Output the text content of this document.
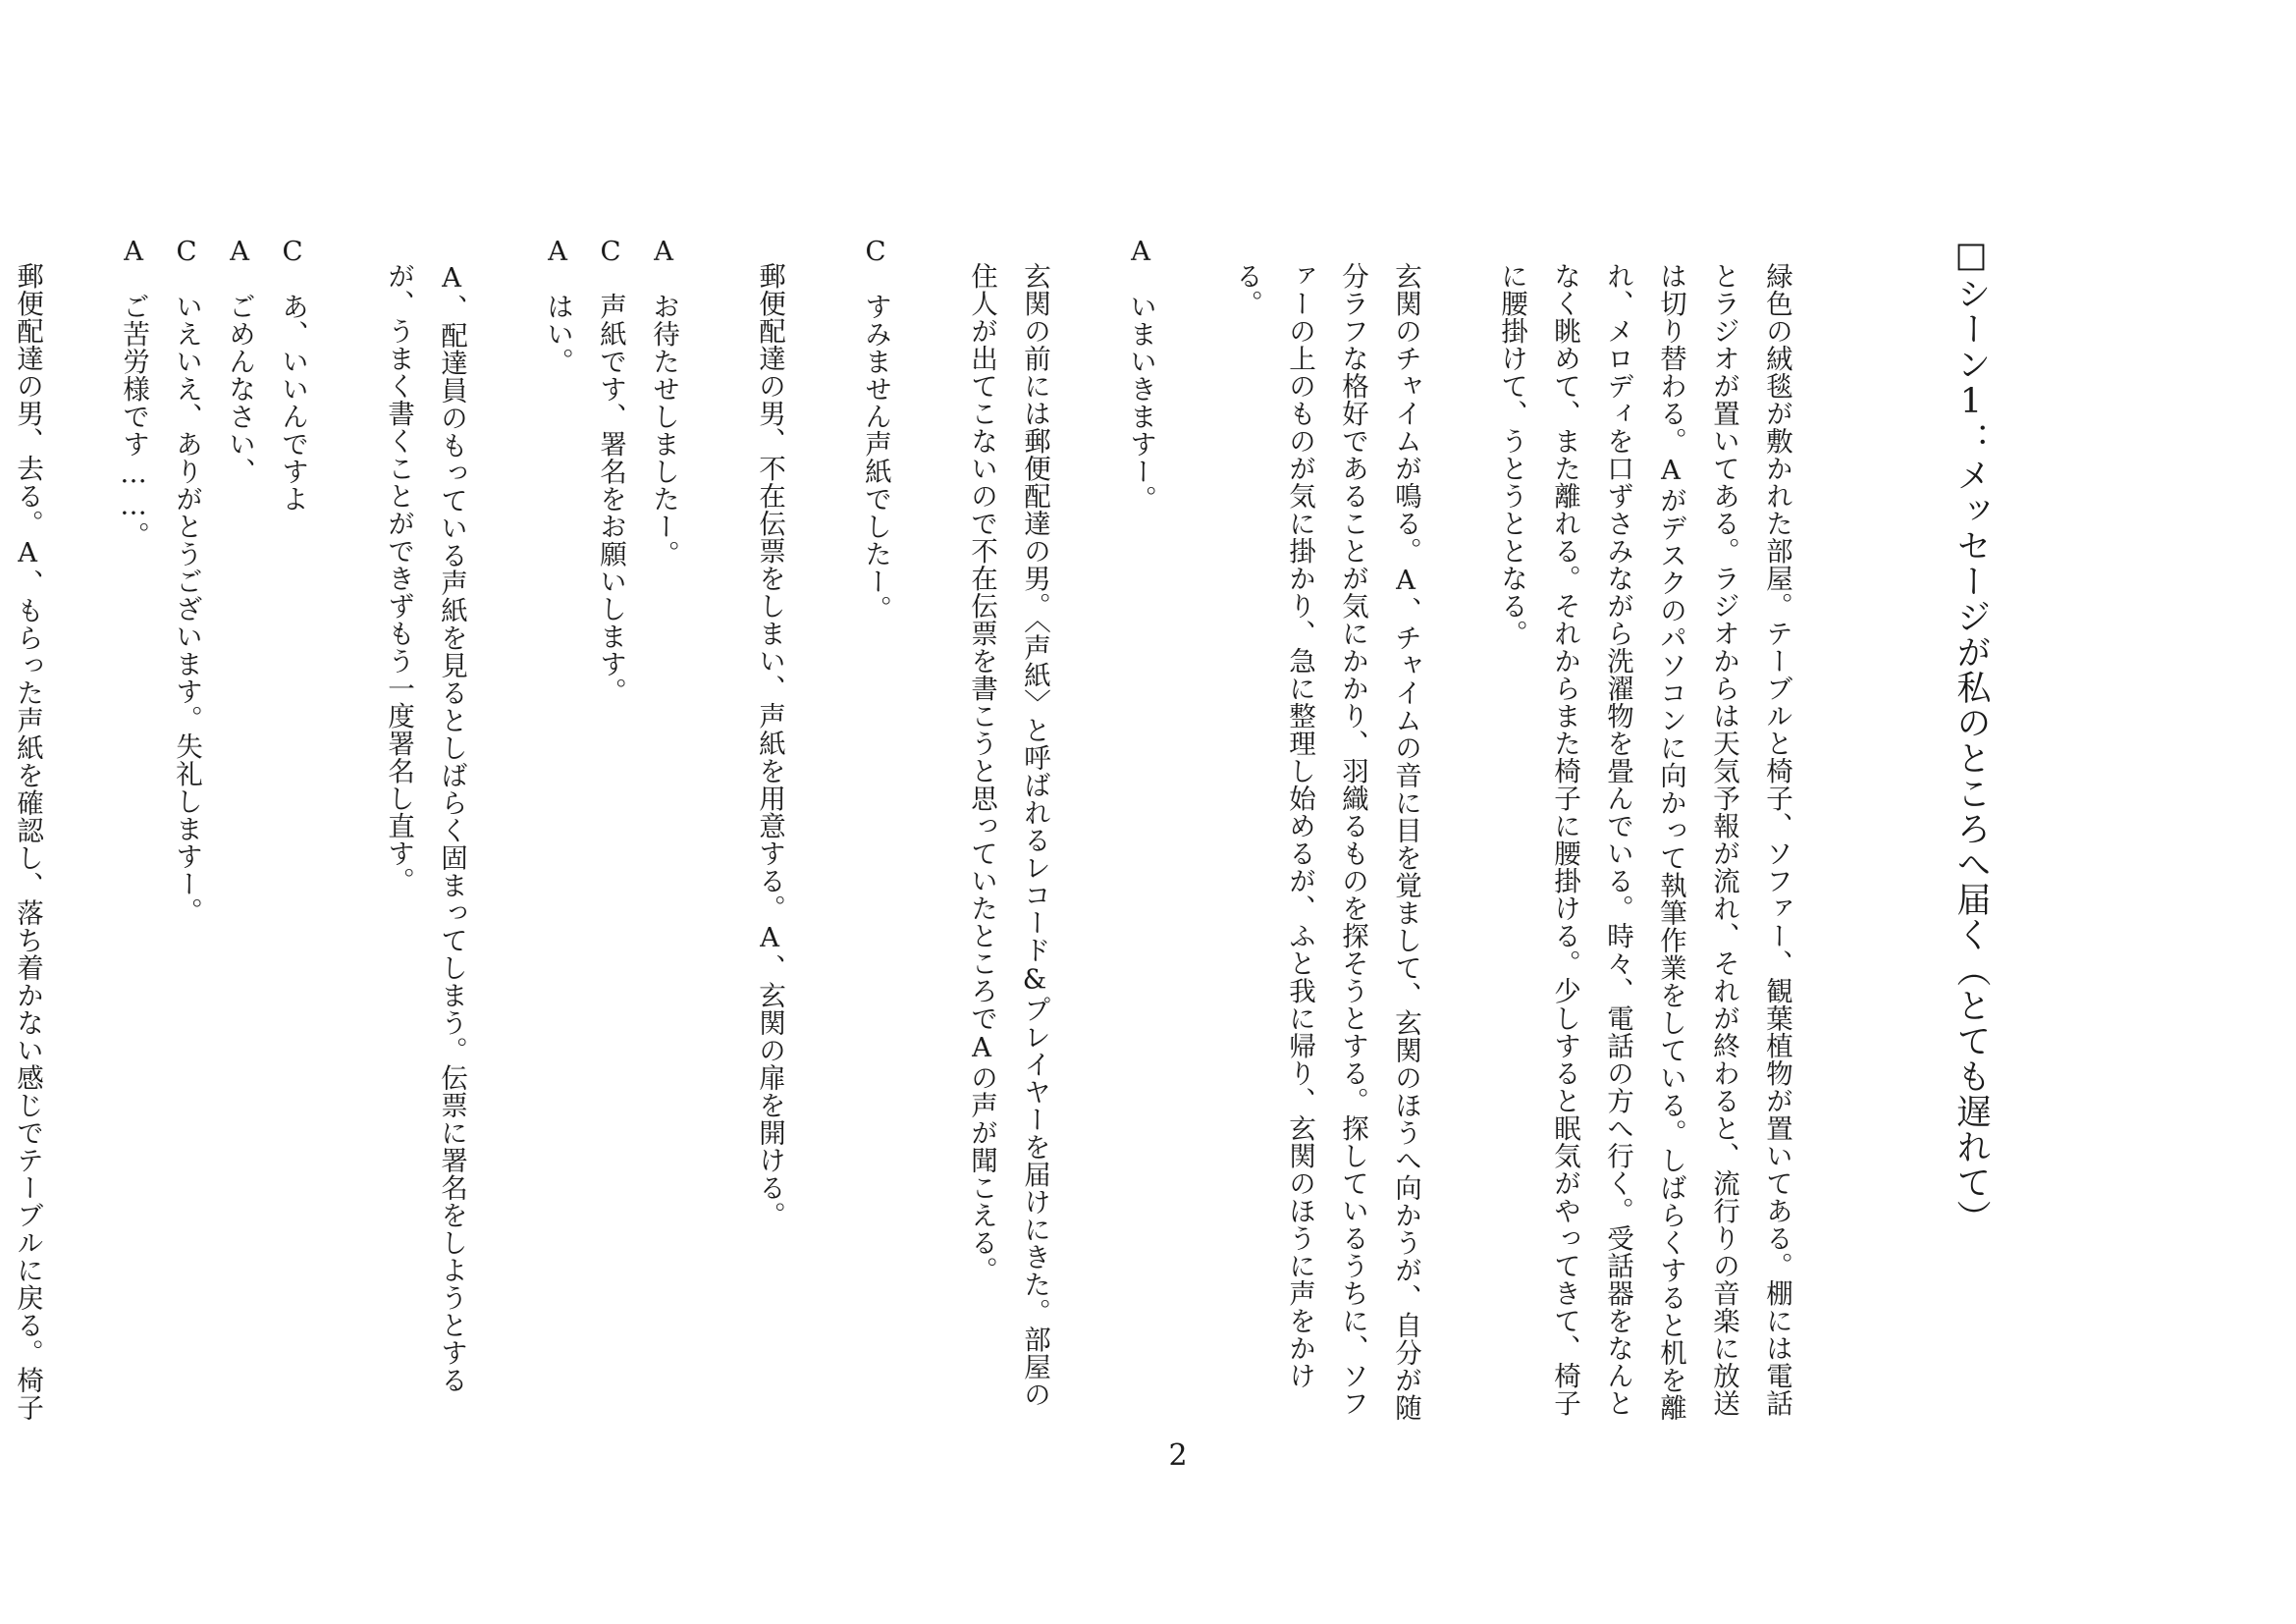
□シーン1：メッセージが私のところへ届く（とても遅れて）

緑色の絨毯が敷かれた部屋。テーブルと椅子、ソファー、観葉植物が置いてある。棚には電話とラジオが置いてある。ラジオからは天気予報が流れ、それが終わると、流行りの音楽に放送は切り替わる。Aがデスクのパソコンに向かって執筆作業をしている。しばらくすると机を離れ、メロディを口ずさみながら洗濯物を畳んでいる。時々、電話の方へ行く。受話器をなんとなく眺めて、また離れる。それからまた椅子に腰掛ける。少しすると眠気がやってきて、椅子に腰掛けて、うとうととなる。

玄関のチャイムが鳴る。A、チャイムの音に目を覚まして、玄関のほうへ向かうが、自分が随分ラフな格好であることが気にかかり、羽織るものを探そうとする。探しているうちに、ソファーの上のものが気に掛かり、急に整理し始めるが、ふと我に帰り、玄関のほうに声をかける。

Aいまいきますー。

玄関の前には郵便配達の男。〈声紙〉と呼ばれるレコード&プレイヤーを届けにきた。部屋の住人が出てこないので不在伝票を書こうと思っていたところでAの声が聞こえる。

Cすみません声紙でしたー。

郵便配達の男、不在伝票をしまい、声紙を用意する。A、玄関の扉を開ける。

Aお待たせしましたー。
C声紙です、署名をお願いします。
Aはい。

A、配達員のもっている声紙を見るとしばらく固まってしまう。伝票に署名をしようとするが、うまく書くことができずもう一度署名し直す。

Cあ、いいんですよ
Aごめんなさい、
Cいえいえ、ありがとうございます。失礼しますー。
Aご苦労様です……。

郵便配達の男、去る。A、もらった声紙を確認し、落ち着かない感じでテーブルに戻る。椅子

2
